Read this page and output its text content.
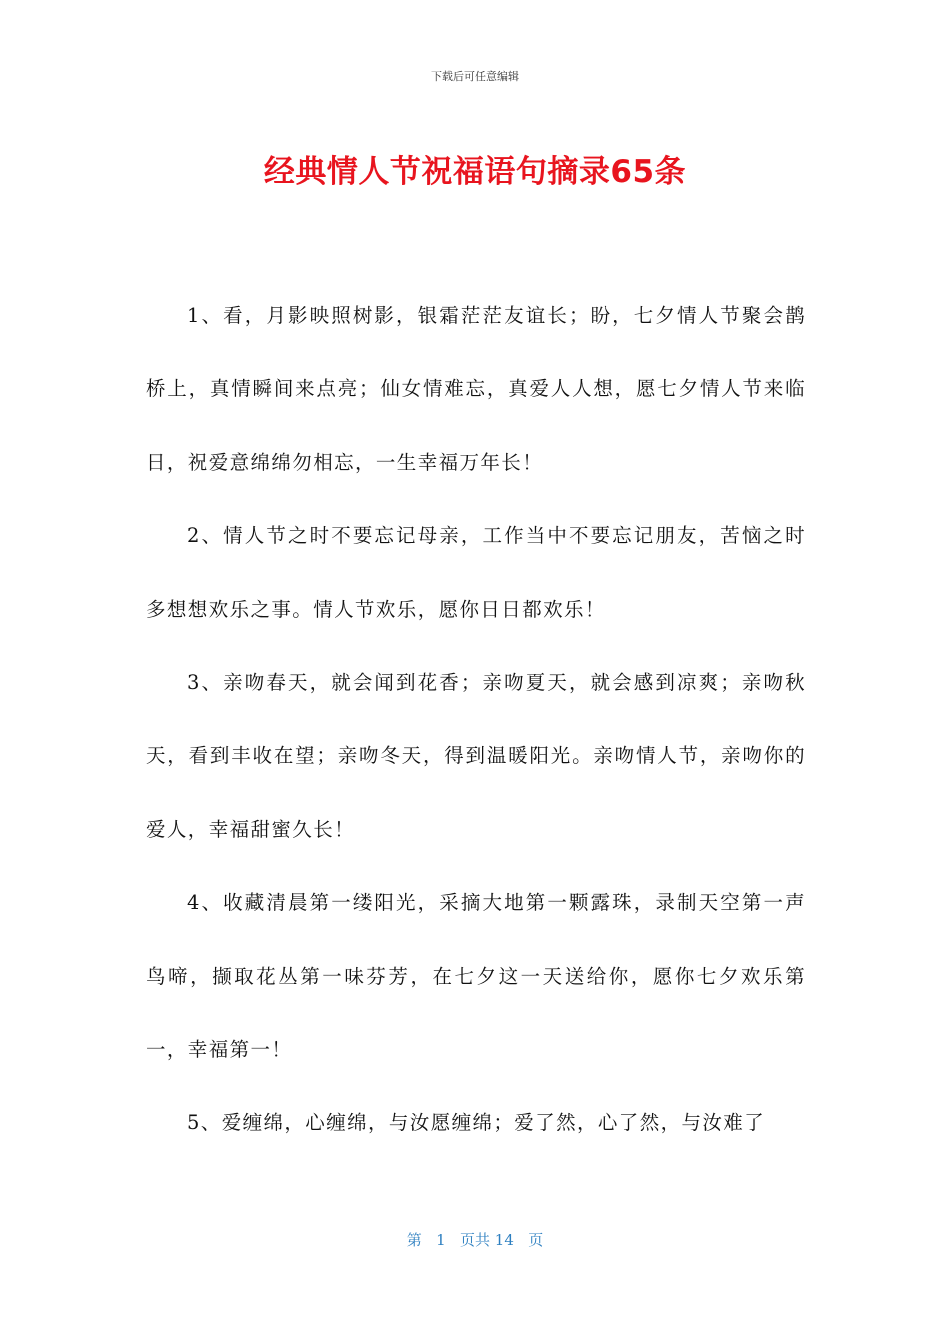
下载后可任意编辑
经典情人节祝福语句摘录65条

1、看，月影映照树影，银霜茫茫友谊长；盼，七夕情人节聚会鹊桥上，真情瞬间来点亮；仙女情难忘，真爱人人想，愿七夕情人节来临日，祝爱意绵绵勿相忘，一生幸福万年长！

2、情人节之时不要忘记母亲，工作当中不要忘记朋友，苦恼之时多想想欢乐之事。情人节欢乐，愿你日日都欢乐！

3、亲吻春天，就会闻到花香；亲吻夏天，就会感到凉爽；亲吻秋天，看到丰收在望；亲吻冬天，得到温暖阳光。亲吻情人节，亲吻你的爱人，幸福甜蜜久长！

4、收藏清晨第一缕阳光，采摘大地第一颗露珠，录制天空第一声鸟啼，撷取花丛第一味芬芳，在七夕这一天送给你，愿你七夕欢乐第一，幸福第一！

5、爱缠绵，心缠绵，与汝愿缠绵；爱了然，心了然，与汝难了

第 1 页共 14 页
